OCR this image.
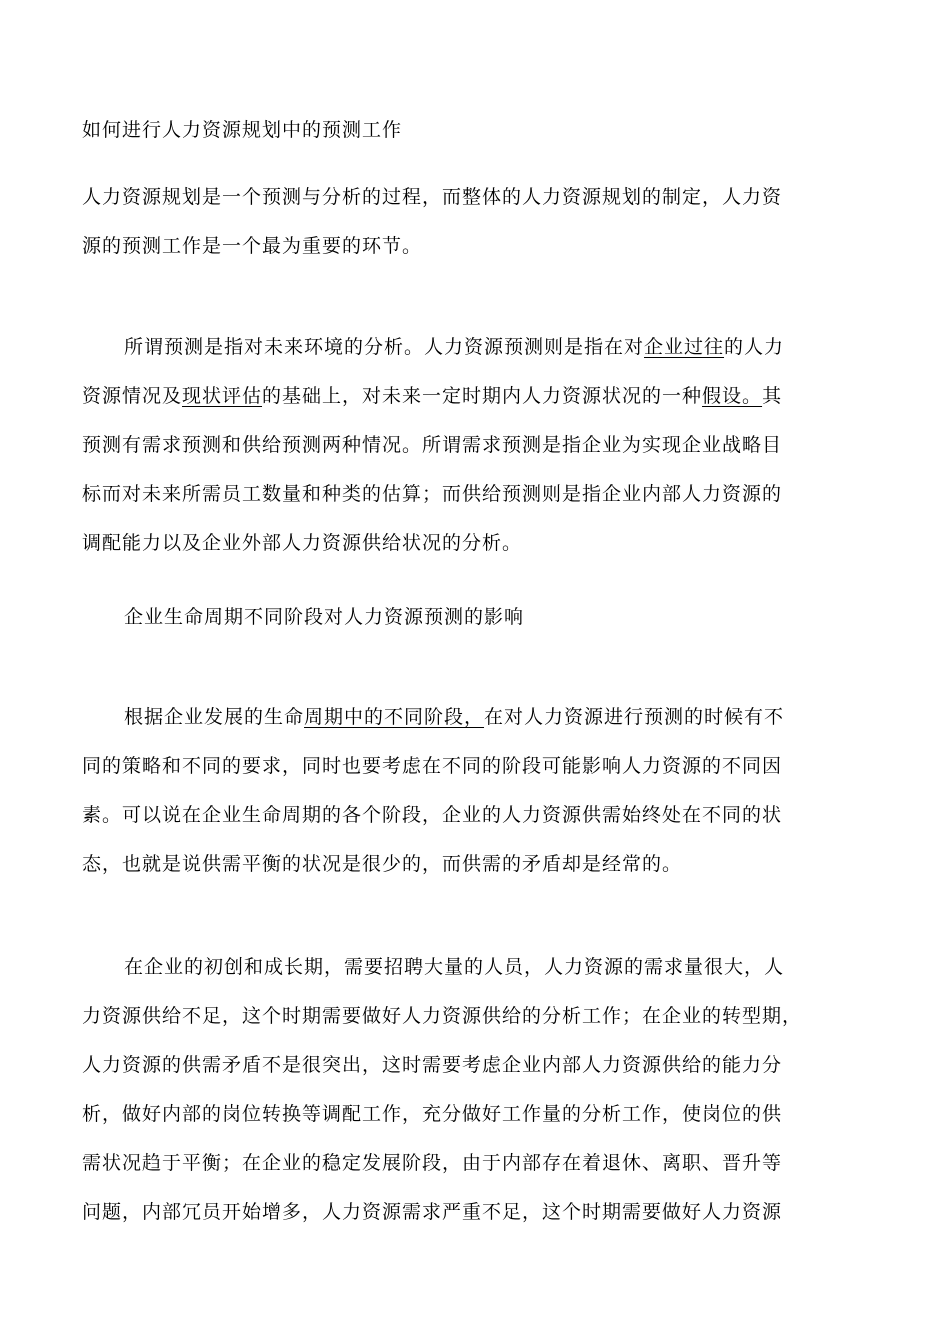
如何进行人力资源规划中的预测工作
人力资源规划是一个预测与分析的过程，而整体的人力资源规划的制定，人力资
源的预测工作是一个最为重要的环节。
所谓预测是指对未来环境的分析。人力资源预测则是指在对企业过往的人力
资源情况及现状评估的基础上，对未来一定时期内人力资源状况的一种假设。其
预测有需求预测和供给预测两种情况。所谓需求预测是指企业为实现企业战略目
标而对未来所需员工数量和种类的估算；而供给预测则是指企业内部人力资源的
调配能力以及企业外部人力资源供给状况的分析。
企业生命周期不同阶段对人力资源预测的影响
根据企业发展的生命周期中的不同阶段，在对人力资源进行预测的时候有不
同的策略和不同的要求，同时也要考虑在不同的阶段可能影响人力资源的不同因
素。可以说在企业生命周期的各个阶段，企业的人力资源供需始终处在不同的状
态，也就是说供需平衡的状况是很少的，而供需的矛盾却是经常的。
在企业的初创和成长期，需要招聘大量的人员，人力资源的需求量很大，人
力资源供给不足，这个时期需要做好人力资源供给的分析工作；在企业的转型期，
人力资源的供需矛盾不是很突出，这时需要考虑企业内部人力资源供给的能力分
析，做好内部的岗位转换等调配工作，充分做好工作量的分析工作，使岗位的供
需状况趋于平衡；在企业的稳定发展阶段，由于内部存在着退休、离职、晋升等
问题，内部冗员开始增多，人力资源需求严重不足，这个时期需要做好人力资源
